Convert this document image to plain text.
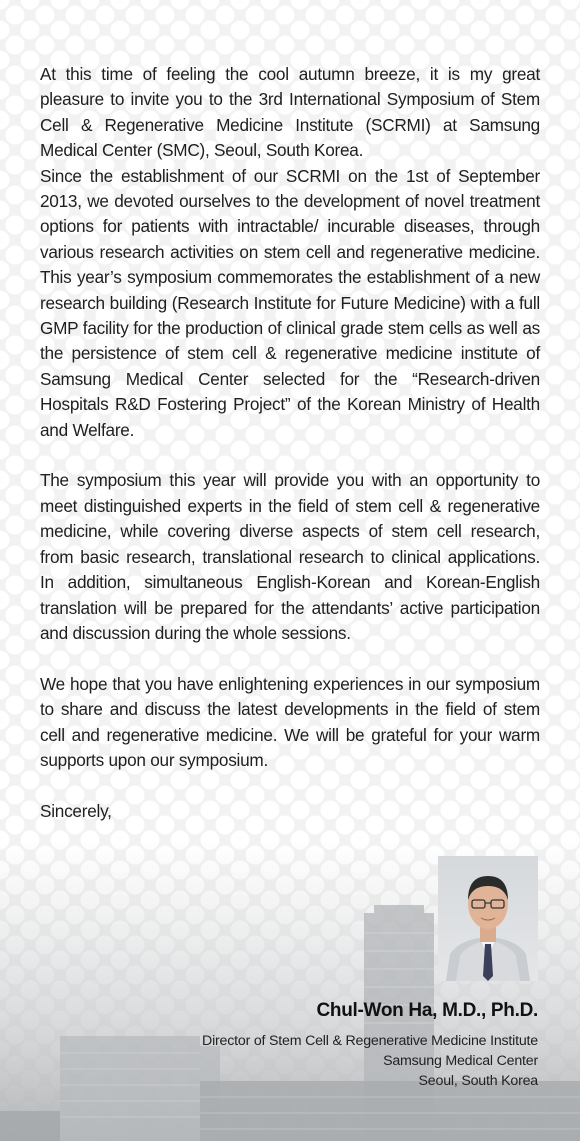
At this time of feeling the cool autumn breeze, it is my great pleasure to invite you to the 3rd International Symposium of Stem Cell & Regenerative Medicine Institute (SCRMI) at Samsung Medical Center (SMC), Seoul, South Korea.

Since the establishment of our SCRMI on the 1st of September 2013, we devoted ourselves to the development of novel treatment options for patients with intractable/ incurable diseases, through various research activities on stem cell and regenerative medicine. This year’s symposium commemorates the establishment of a new research building (Research Institute for Future Medicine) with a full GMP facility for the production of clinical grade stem cells as well as the persistence of stem cell & regenerative medicine institute of Samsung Medical Center selected for the “Research-driven Hospitals R&D Fostering Project” of the Korean Ministry of Health and Welfare.

The symposium this year will provide you with an opportunity to meet distinguished experts in the field of stem cell & regenerative medicine, while covering diverse aspects of stem cell research, from basic research, translational research to clinical applications. In addition, simultaneous English-Korean and Korean-English translation will be prepared for the attendants’ active participation and discussion during the whole sessions.

We hope that you have enlightening experiences in our symposium to share and discuss the latest developments in the field of stem cell and regenerative medicine. We will be grateful for your warm supports upon our symposium.

Sincerely,

Chul-Won Ha, M.D., Ph.D.
Director of Stem Cell & Regenerative Medicine Institute
Samsung Medical Center
Seoul, South Korea
